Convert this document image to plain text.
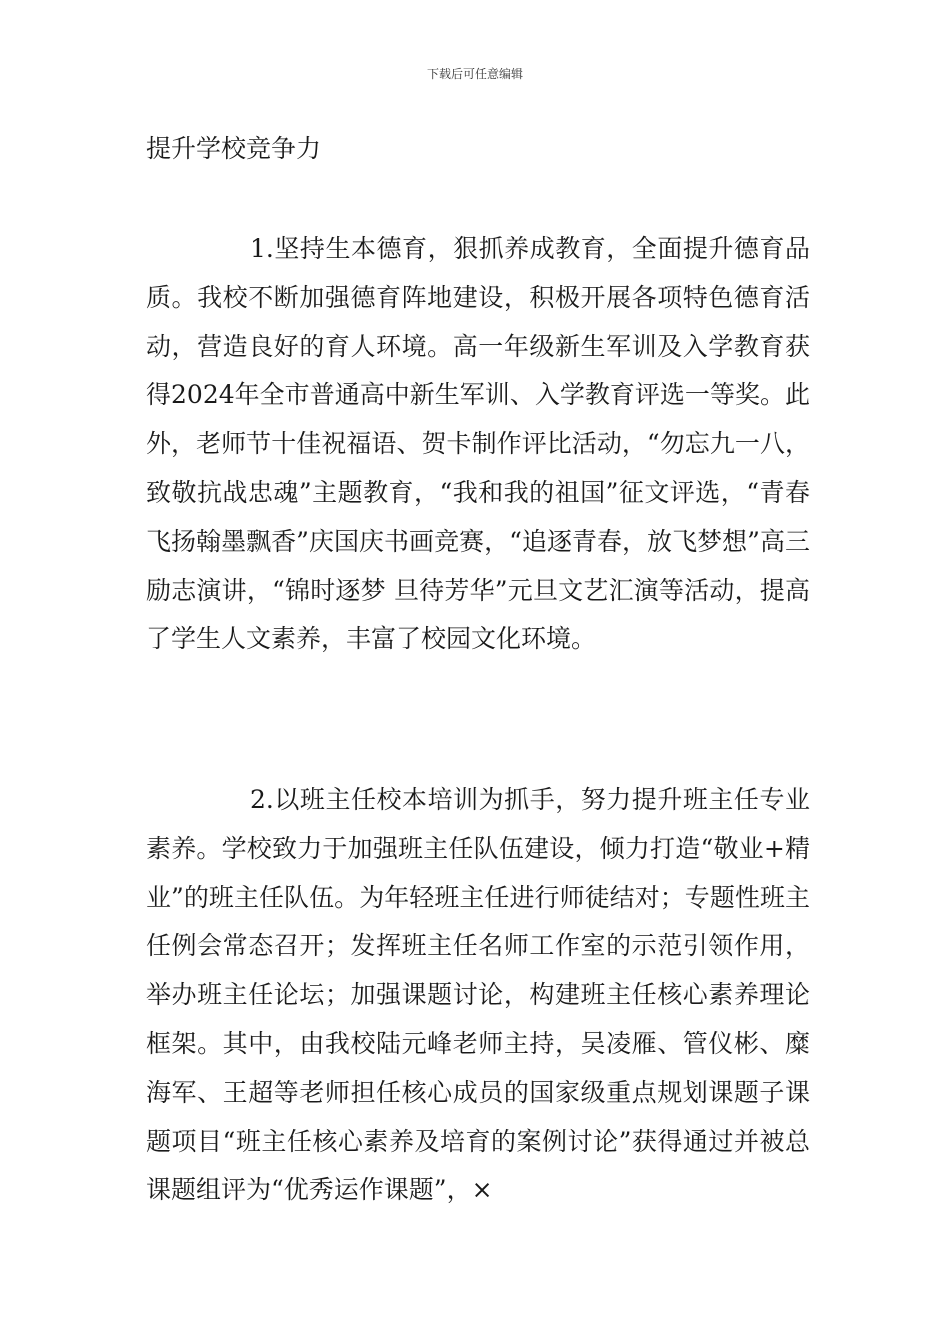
下载后可任意编辑
提升学校竞争力

1.坚持生本德育，狠抓养成教育，全面提升德育品质。我校不断加强德育阵地建设，积极开展各项特色德育活动，营造良好的育人环境。高一年级新生军训及入学教育获得2024年全市普通高中新生军训、入学教育评选一等奖。此外，老师节十佳祝福语、贺卡制作评比活动，“勿忘九一八，致敬抗战忠魂”主题教育，“我和我的祖国”征文评选，“青春飞扬翰墨飘香”庆国庆书画竞赛，“追逐青春，放飞梦想”高三励志演讲，“锦时逐梦 旦待芳华”元旦文艺汇演等活动，提高了学生人文素养，丰富了校园文化环境。

2.以班主任校本培训为抓手，努力提升班主任专业素养。学校致力于加强班主任队伍建设，倾力打造“敬业+精业”的班主任队伍。为年轻班主任进行师徒结对；专题性班主任例会常态召开；发挥班主任名师工作室的示范引领作用，举办班主任论坛；加强课题讨论，构建班主任核心素养理论框架。其中，由我校陆元峰老师主持，吴凌雁、管仪彬、糜海军、王超等老师担任核心成员的国家级重点规划课题子课题项目“班主任核心素养及培育的案例讨论”获得通过并被总课题组评为“优秀运作课题”，×
